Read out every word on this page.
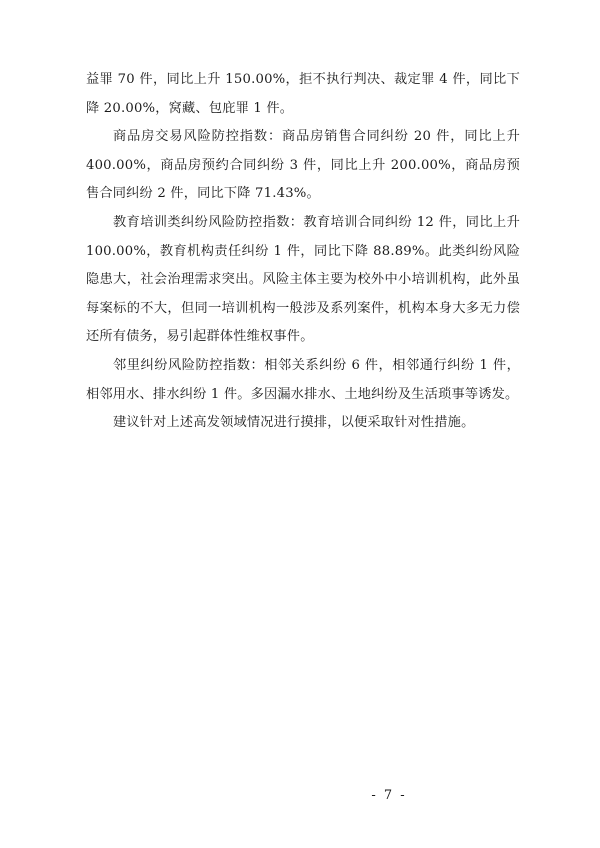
益罪 70 件，同比上升 150.00%，拒不执行判决、裁定罪 4 件，同比下降 20.00%，窝藏、包庇罪 1 件。

商品房交易风险防控指数：商品房销售合同纠纷 20 件，同比上升 400.00%，商品房预约合同纠纷 3 件，同比上升 200.00%，商品房预售合同纠纷 2 件，同比下降 71.43%。

教育培训类纠纷风险防控指数：教育培训合同纠纷 12 件，同比上升 100.00%，教育机构责任纠纷 1 件，同比下降 88.89%。此类纠纷风险隐患大，社会治理需求突出。风险主体主要为校外中小培训机构，此外虽每案标的不大，但同一培训机构一般涉及系列案件，机构本身大多无力偿还所有债务，易引起群体性维权事件。

邻里纠纷风险防控指数：相邻关系纠纷 6 件，相邻通行纠纷 1 件，相邻用水、排水纠纷 1 件。多因漏水排水、土地纠纷及生活琐事等诱发。

建议针对上述高发领域情况进行摸排，以便采取针对性措施。

- 7 -
